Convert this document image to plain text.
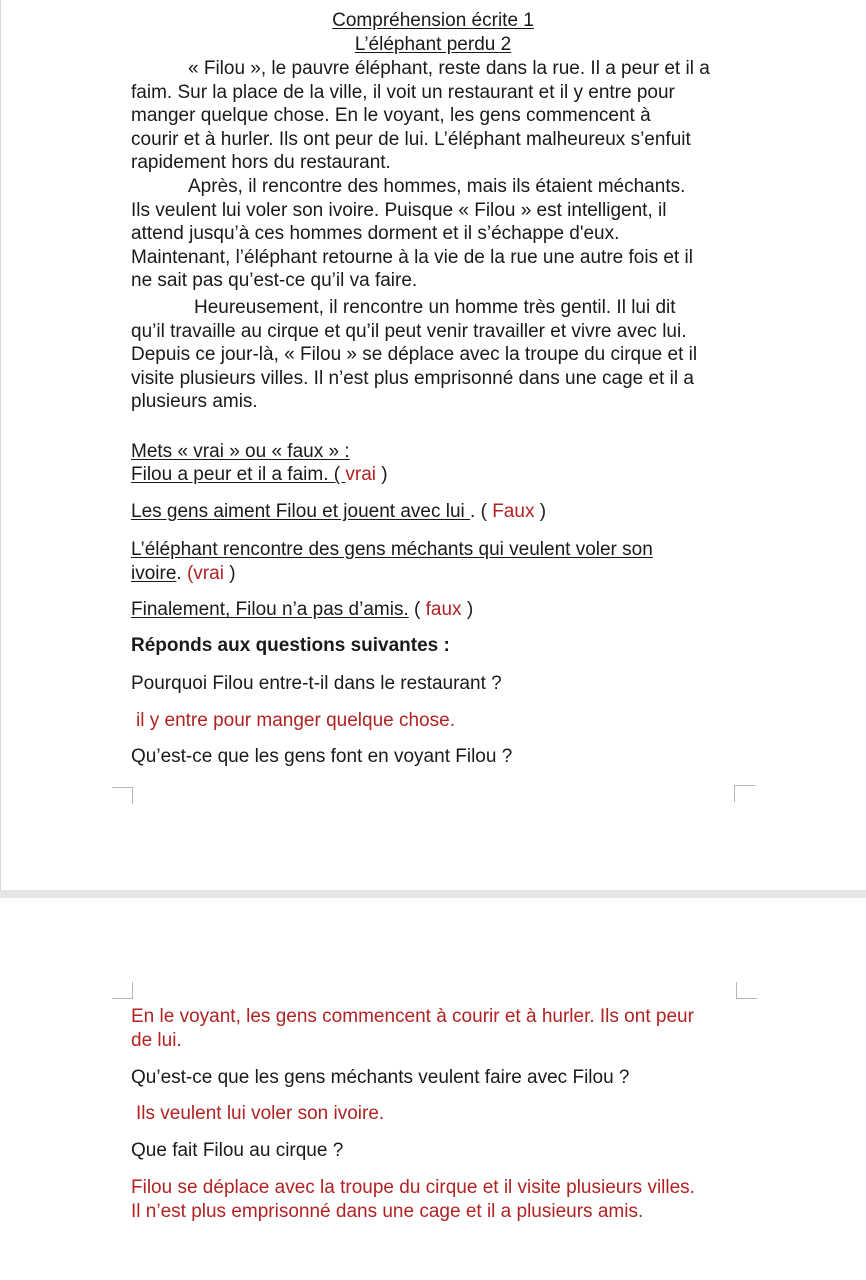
Compréhension écrite 1

L’éléphant perdu 2

« Filou », le pauvre éléphant, reste dans la rue. Il a peur et il a
faim. Sur la place de la ville, il voit un restaurant et il y entre pour
manger quelque chose. En le voyant, les gens commencent à
courir et à hurler. Ils ont peur de lui. L’éléphant malheureux s’enfuit
rapidement hors du restaurant.
Après, il rencontre des hommes, mais ils étaient méchants.
Ils veulent lui voler son ivoire. Puisque « Filou » est intelligent, il
attend jusqu’à ces hommes dorment et il s’échappe d'eux.
Maintenant, l’éléphant retourne à la vie de la rue une autre fois et il
ne sait pas qu’est-ce qu’il va faire.
Heureusement, il rencontre un homme très gentil. Il lui dit
qu’il travaille au cirque et qu’il peut venir travailler et vivre avec lui.
Depuis ce jour-là, « Filou » se déplace avec la troupe du cirque et il
visite plusieurs villes. Il n’est plus emprisonné dans une cage et il a
plusieurs amis.

Mets « vrai » ou « faux » :

Filou a peur et il a faim. ( vrai )

Les gens aiment Filou et jouent avec lui . ( Faux )

L’éléphant rencontre des gens méchants qui veulent voler son

ivoire. (vrai )

Finalement, Filou n’a pas d’amis. ( faux )

Réponds aux questions suivantes :

Pourquoi Filou entre-t-il dans le restaurant ?

il y entre pour manger quelque chose.

Qu’est-ce que les gens font en voyant Filou ?

En le voyant, les gens commencent à courir et à hurler. Ils ont peur

de lui.

Qu’est-ce que les gens méchants veulent faire avec Filou ?

Ils veulent lui voler son ivoire.

Que fait Filou au cirque ?

Filou se déplace avec la troupe du cirque et il visite plusieurs villes.

Il n’est plus emprisonné dans une cage et il a plusieurs amis.
